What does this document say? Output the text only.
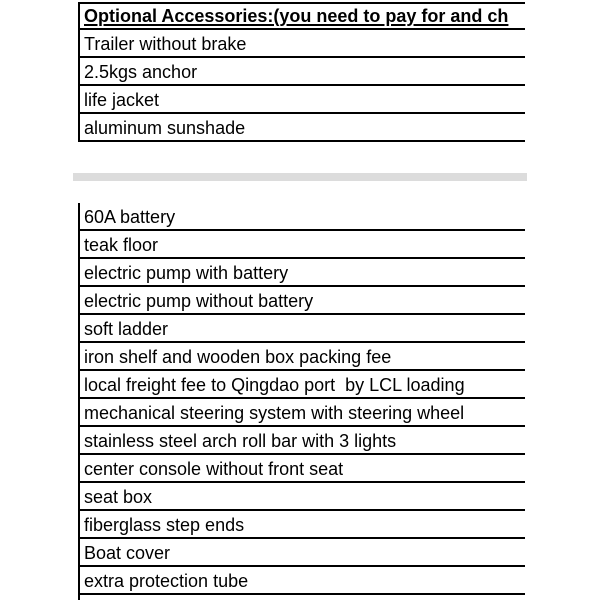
Optional Accessories:(you need to pay for and ch
Trailer without brake
2.5kgs anchor
life jacket
aluminum sunshade
60A battery
teak floor
electric pump with battery
electric pump without battery
soft ladder
iron shelf and wooden box packing fee
local freight fee to Qingdao port  by LCL loading
mechanical steering system with steering wheel
stainless steel arch roll bar with 3 lights
center console without front seat
seat box
fiberglass step ends
Boat cover
extra protection tube
